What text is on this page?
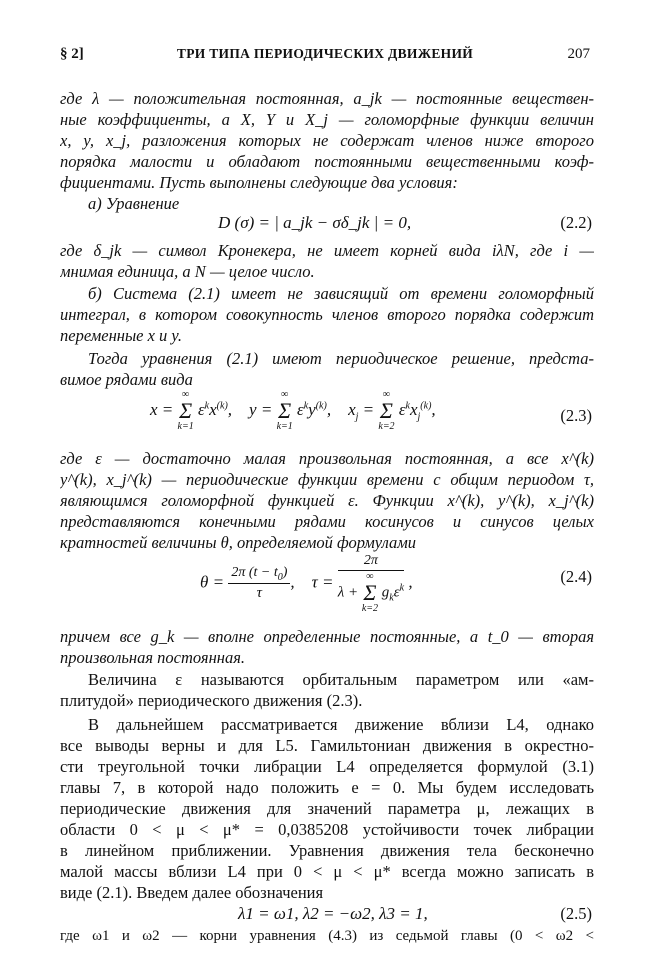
ТРИ ТИПА ПЕРИОДИЧЕСКИХ ДВИЖЕНИЙ
§ 2]	207
где λ — положительная постоянная, a_jk — постоянные веществен-
ные коэффициенты, а X, Y и X_j — голоморфные функции величин
x, y, x_j, разложения которых не содержат членов ниже второго
порядка малости и обладают постоянными вещественными коэф-
фициентами. Пусть выполнены следующие два условия:
а) Уравнение
D (σ) = | a_jk − σδ_jk | = 0,	(2.2)
где δ_jk — символ Кронекера, не имеет корней вида iλN, где i —
мнимая единица, а N — целое число.
б) Система (2.1) имеет не зависящий от времени голоморфный
интеграл, в котором совокупность членов второго порядка содержит
переменные x и y.
Тогда уравнения (2.1) имеют периодическое решение, предста-
вимое рядами вида
x =
∞
Σ
k=1
$\varepsilon^kx^{(k)}$,    y =
∞
Σ
k=1
$\varepsilon^ky^{(k)}$,    $x_j$ =
∞
Σ
k=2
$\varepsilon^kx_j^{(k)}$,	(2.3)
где ε — достаточно малая произвольная постоянная, а все x^(k)
y^(k), x_j^(k) — периодические функции времени с общим периодом τ,
являющимся голоморфной функцией ε. Функции x^(k), y^(k), x_j^(k)
представляются конечными рядами косинусов и синусов целых
кратностей величины θ, определяемой формулами
$\theta = \frac{2\pi (t - t_0)}{\tau}$ ,    τ = 2π
λ +
∞
Σ
k=2
$g_k\varepsilon^k$ ,	(2.4)
причем все g_k — вполне определенные постоянные, а t_0 — вторая
произвольная постоянная.
Величина ε называются орбитальным параметром или «ам-
плитудой» периодического движения (2.3).
В дальнейшем рассматривается движение вблизи L4, однако
все выводы верны и для L5. Гамильтониан движения в окрестно-
сти треугольной точки либрации L4 определяется формулой (3.1)
главы 7, в которой надо положить e = 0. Мы будем исследовать
периодические движения для значений параметра μ, лежащих в
области 0 < μ < μ* = 0,0385208 устойчивости точек либрации
в линейном приближении. Уравнения движения тела бесконечно
малой массы вблизи L4 при 0 < μ < μ* всегда можно записать в
виде (2.1). Введем далее обозначения
λ1 = ω1, λ2 = −ω2, λ3 = 1,	(2.5)
где ω1 и ω2 — корни уравнения (4.3) из седьмой главы (0 < ω2 <
